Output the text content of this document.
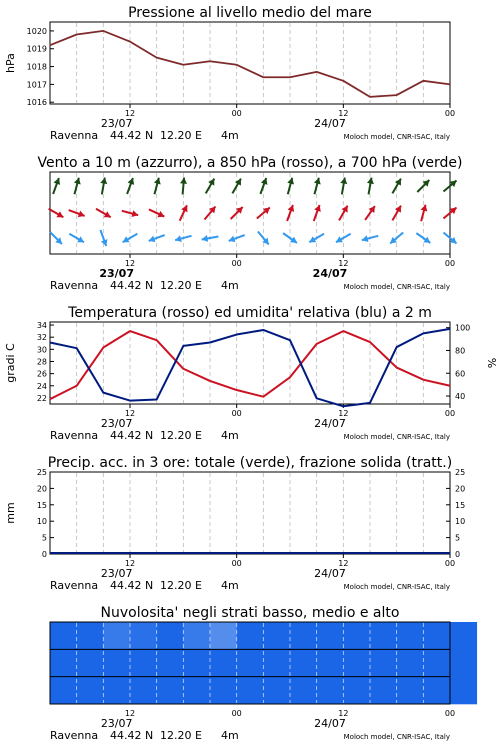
Pressione al livello medio del mare
12	00	12	00
23/07	24/07
Ravenna 44.42 N 12.20 E 4m	Moloch model, CNR-ISAC, Italy
1016
1017
1018
1019
1020
hPa
Vento a 10 m (azzurro), a 850 hPa (rosso), a 700 hPa (verde)
12	00	12	00
23/07	24/07
Ravenna 44.42 N 12.20 E 4m	Moloch model, CNR-ISAC, Italy
Temperatura (rosso) ed umidita' relativa (blu) a 2 m
12	00	12	00
23/07	24/07
Ravenna 44.42 N 12.20 E 4m	Moloch model, CNR-ISAC, Italy
22
24
26
28
30
32
34
40
60
80
100
gradi C	%
Precip. acc. in 3 ore: totale (verde), frazione solida (tratt.)
12	00	12	00
23/07	24/07
Ravenna 44.42 N 12.20 E 4m	Moloch model, CNR-ISAC, Italy
0
5
10
15
20
25
0
5
10
15
20
25
mm
Nuvolosita' negli strati basso, medio e alto
12	00	12	00
23/07	24/07
Ravenna 44.42 N 12.20 E 4m	Moloch model, CNR-ISAC, Italy
